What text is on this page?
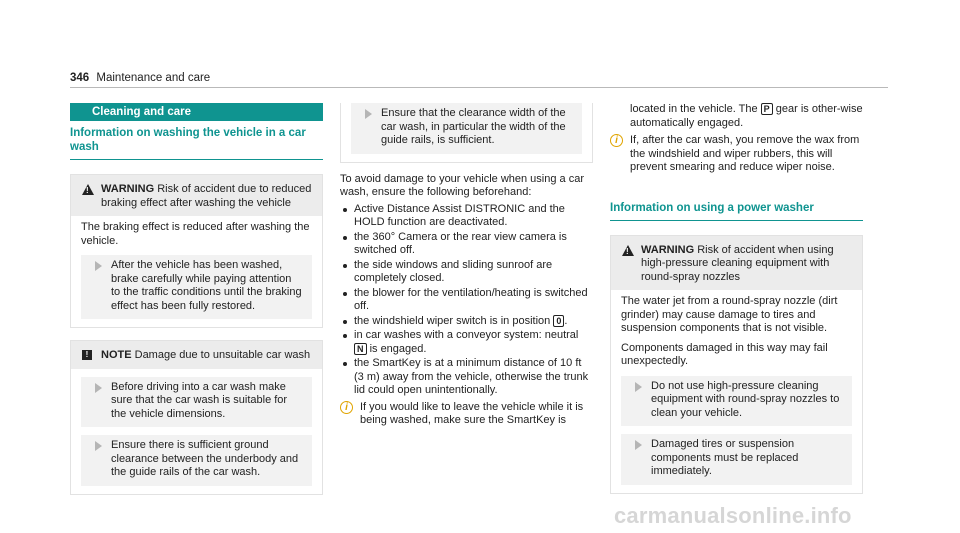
346 Maintenance and care
Cleaning and care
Information on washing the vehicle in a car wash
!
WARNING Risk of accident due to reduced braking effect after washing the vehicle

The braking effect is reduced after washing the vehicle.

After the vehicle has been washed, brake carefully while paying attention to the traffic conditions until the braking effect has been fully restored.
!	NOTE Damage due to unsuitable car wash
Before driving into a car wash make sure that the car wash is suitable for the vehicle dimensions.
Ensure there is sufficient ground clearance between the underbody and the guide rails of the car wash.
Ensure that the clearance width of the car wash, in particular the width of the guide rails, is sufficient.

To avoid damage to your vehicle when using a car wash, ensure the following beforehand:

Active Distance Assist DISTRONIC and the HOLD function are deactivated.
the 360° Camera or the rear view camera is switched off.
the side windows and sliding sunroof are completely closed.
the blower for the ventilation/heating is switched off.
the windshield wiper switch is in position 0 .
in car washes with a conveyor system: neutral N is engaged.
the SmartKey is at a minimum distance of 10 ft (3 m) away from the vehicle, otherwise the trunk lid could open unintentionally.
i	If you would like to leave the vehicle while it is being washed, make sure the SmartKey is

located in the vehicle. The P gear is other-wise automatically engaged.

i	If, after the car wash, you remove the wax from the windshield and wiper rubbers, this will prevent smearing and reduce wiper noise.
Information on using a power washer
!
WARNING Risk of accident when using high-pressure cleaning equipment with round-spray nozzles

The water jet from a round-spray nozzle (dirt grinder) may cause damage to tires and suspension components that is not visible.

Components damaged in this way may fail unexpectedly.

Do not use high-pressure cleaning equipment with round-spray nozzles to clean your vehicle.
Damaged tires or suspension components must be replaced immediately.
carmanualsonline.info
